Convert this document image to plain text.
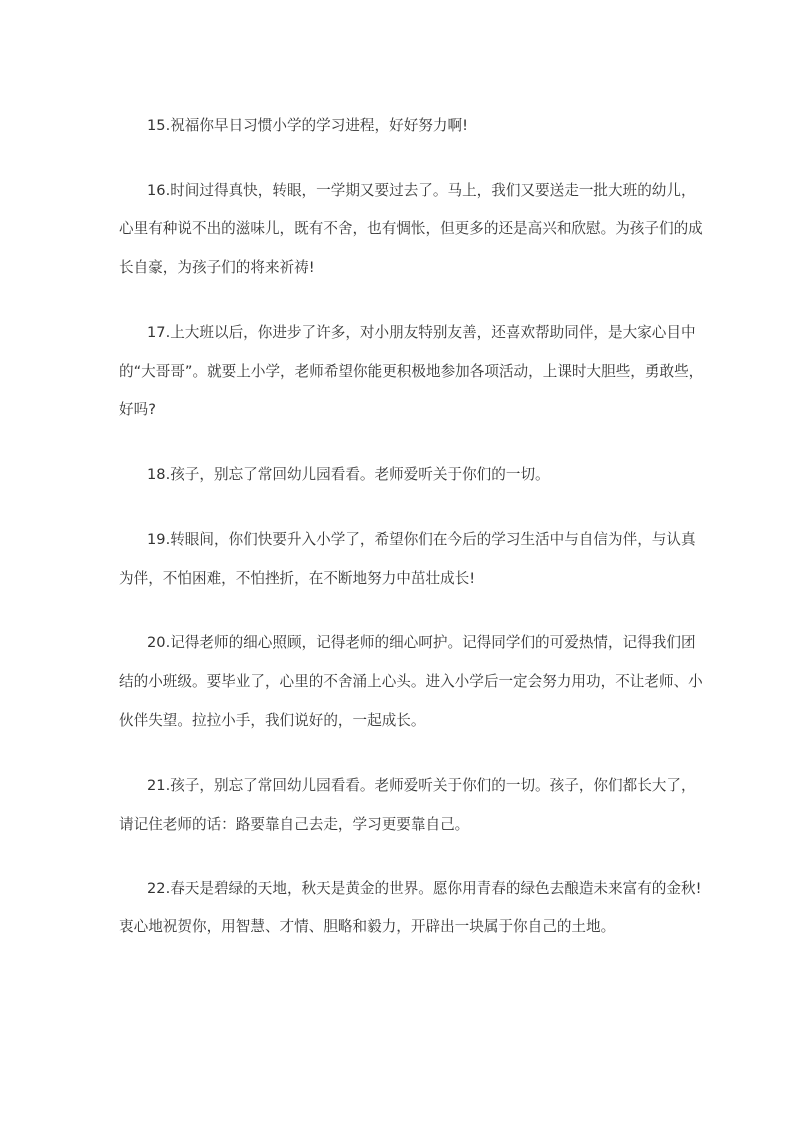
15.祝福你早日习惯小学的学习进程，好好努力啊!
16.时间过得真快，转眼，一学期又要过去了。马上，我们又要送走一批大班的幼儿，
心里有种说不出的滋味儿，既有不舍，也有惆怅，但更多的还是高兴和欣慰。为孩子们的成
长自豪，为孩子们的将来祈祷!
17.上大班以后，你进步了许多，对小朋友特别友善，还喜欢帮助同伴，是大家心目中
的“大哥哥”。就要上小学，老师希望你能更积极地参加各项活动，上课时大胆些，勇敢些，
好吗?
18.孩子，别忘了常回幼儿园看看。老师爱听关于你们的一切。
19.转眼间，你们快要升入小学了，希望你们在今后的学习生活中与自信为伴，与认真
为伴，不怕困难，不怕挫折，在不断地努力中茁壮成长!
20.记得老师的细心照顾，记得老师的细心呵护。记得同学们的可爱热情，记得我们团
结的小班级。要毕业了，心里的不舍涌上心头。进入小学后一定会努力用功，不让老师、小
伙伴失望。拉拉小手，我们说好的，一起成长。
21.孩子，别忘了常回幼儿园看看。老师爱听关于你们的一切。孩子，你们都长大了，
请记住老师的话：路要靠自己去走，学习更要靠自己。
22.春天是碧绿的天地，秋天是黄金的世界。愿你用青春的绿色去酿造未来富有的金秋!
衷心地祝贺你，用智慧、才情、胆略和毅力，开辟出一块属于你自己的土地。
